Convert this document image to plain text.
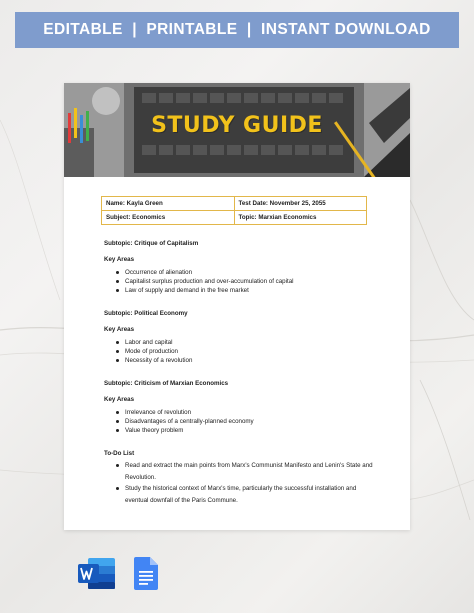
EDITABLE  |  PRINTABLE  |  INSTANT DOWNLOAD
STUDY GUIDE
Name: Kayla Green	Test Date: November 25, 2055
Subject: Economics	Topic: Marxian Economics
Subtopic: Critique of Capitalism
Key Areas
Occurrence of alienation
Capitalist surplus production and over-accumulation of capital
Law of supply and demand in the free market
Subtopic: Political Economy
Key Areas
Labor and capital
Mode of production
Necessity of a revolution
Subtopic: Criticism of Marxian Economics
Key Areas
Irrelevance of revolution
Disadvantages of a centrally-planned economy
Value theory problem
To-Do List
Read and extract the main points from Marx's Communist Manifesto and Lenin's State and Revolution.
Study the historical context of Marx's time, particularly the successful installation and eventual downfall of the Paris Commune.
